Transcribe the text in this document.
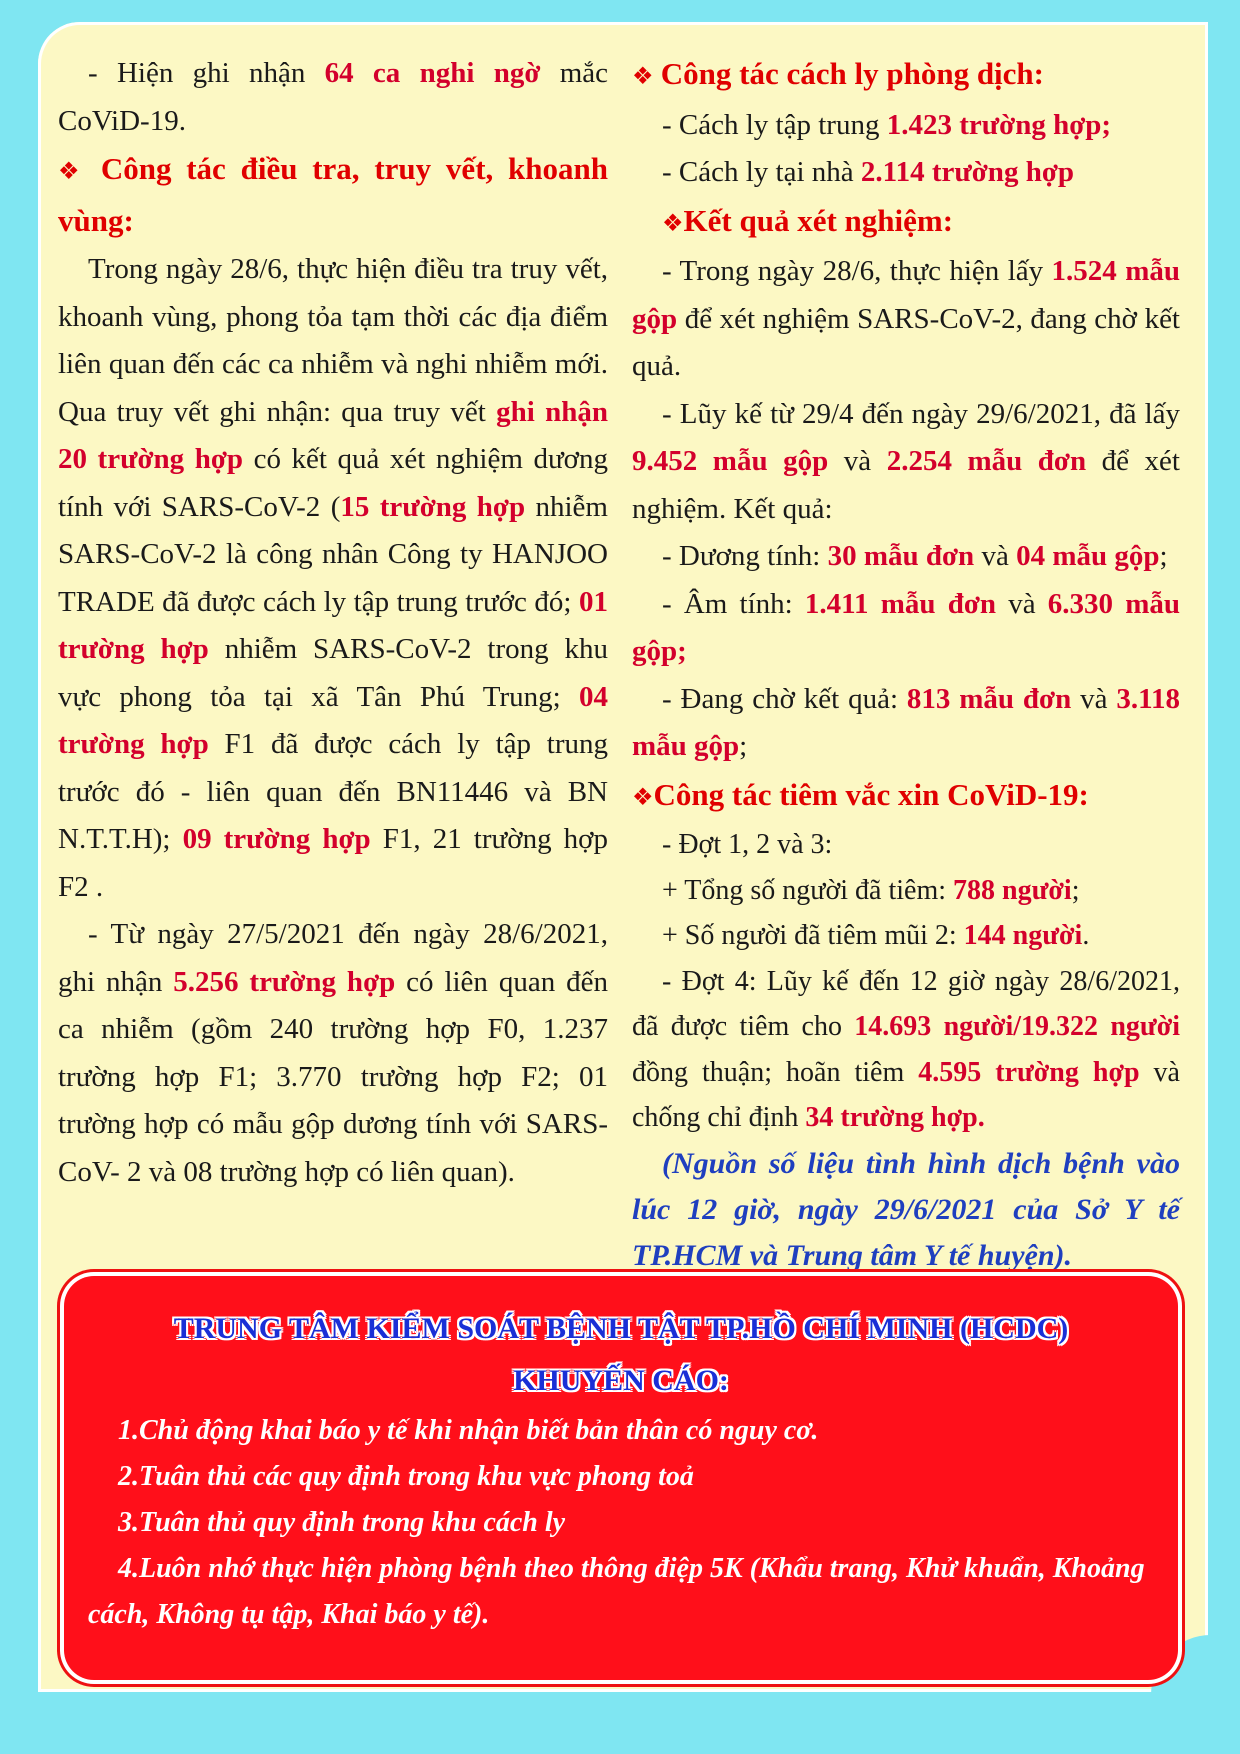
- Hiện ghi nhận 64 ca nghi ngờ mắc CoViD-19.

❖ Công tác điều tra, truy vết, khoanh vùng:

Trong ngày 28/6, thực hiện điều tra truy vết, khoanh vùng, phong tỏa tạm thời các địa điểm liên quan đến các ca nhiễm và nghi nhiễm mới. Qua truy vết ghi nhận: qua truy vết ghi nhận 20 trường hợp có kết quả xét nghiệm dương tính với SARS-CoV-2 (15 trường hợp nhiễm SARS-CoV-2 là công nhân Công ty HANJOO TRADE đã được cách ly tập trung trước đó; 01 trường hợp nhiễm SARS-CoV-2 trong khu vực phong tỏa tại xã Tân Phú Trung; 04 trường hợp F1 đã được cách ly tập trung trước đó - liên quan đến BN11446 và BN N.T.T.H); 09 trường hợp F1, 21 trường hợp F2 .

- Từ ngày 27/5/2021 đến ngày 28/6/2021, ghi nhận 5.256 trường hợp có liên quan đến ca nhiễm (gồm 240 trường hợp F0, 1.237 trường hợp F1; 3.770 trường hợp F2; 01 trường hợp có mẫu gộp dương tính với SARS-CoV- 2 và 08 trường hợp có liên quan).

❖ Công tác cách ly phòng dịch:

- Cách ly tập trung 1.423 trường hợp;

- Cách ly tại nhà 2.114 trường hợp

❖Kết quả xét nghiệm:

- Trong ngày 28/6, thực hiện lấy 1.524 mẫu gộp để xét nghiệm SARS-CoV-2, đang chờ kết quả.

- Lũy kế từ 29/4 đến ngày 29/6/2021, đã lấy 9.452 mẫu gộp và 2.254 mẫu đơn để xét nghiệm. Kết quả:

- Dương tính: 30 mẫu đơn và 04 mẫu gộp;

- Âm tính: 1.411 mẫu đơn và 6.330 mẫu gộp;

- Đang chờ kết quả: 813 mẫu đơn và 3.118 mẫu gộp;

❖Công tác tiêm vắc xin CoViD-19:

- Đợt 1, 2 và 3:

+ Tổng số người đã tiêm: 788 người;

+ Số người đã tiêm mũi 2: 144 người.

- Đợt 4: Lũy kế đến 12 giờ ngày 28/6/2021, đã được tiêm cho 14.693 người/19.322 người đồng thuận; hoãn tiêm 4.595 trường hợp và chống chỉ định 34 trường hợp.

(Nguồn số liệu tình hình dịch bệnh vào lúc 12 giờ, ngày 29/6/2021 của Sở Y tế TP.HCM và Trung tâm Y tế huyện).

TRUNG TÂM KIỂM SOÁT BỆNH TẬT TP.HỒ CHÍ MINH (HCDC)
KHUYẾN CÁO:

1.Chủ động khai báo y tế khi nhận biết bản thân có nguy cơ.

2.Tuân thủ các quy định trong khu vực phong toả

3.Tuân thủ quy định trong khu cách ly

4.Luôn nhớ thực hiện phòng bệnh theo thông điệp 5K (Khẩu trang, Khử khuẩn, Khoảng cách, Không tụ tập, Khai báo y tế).
